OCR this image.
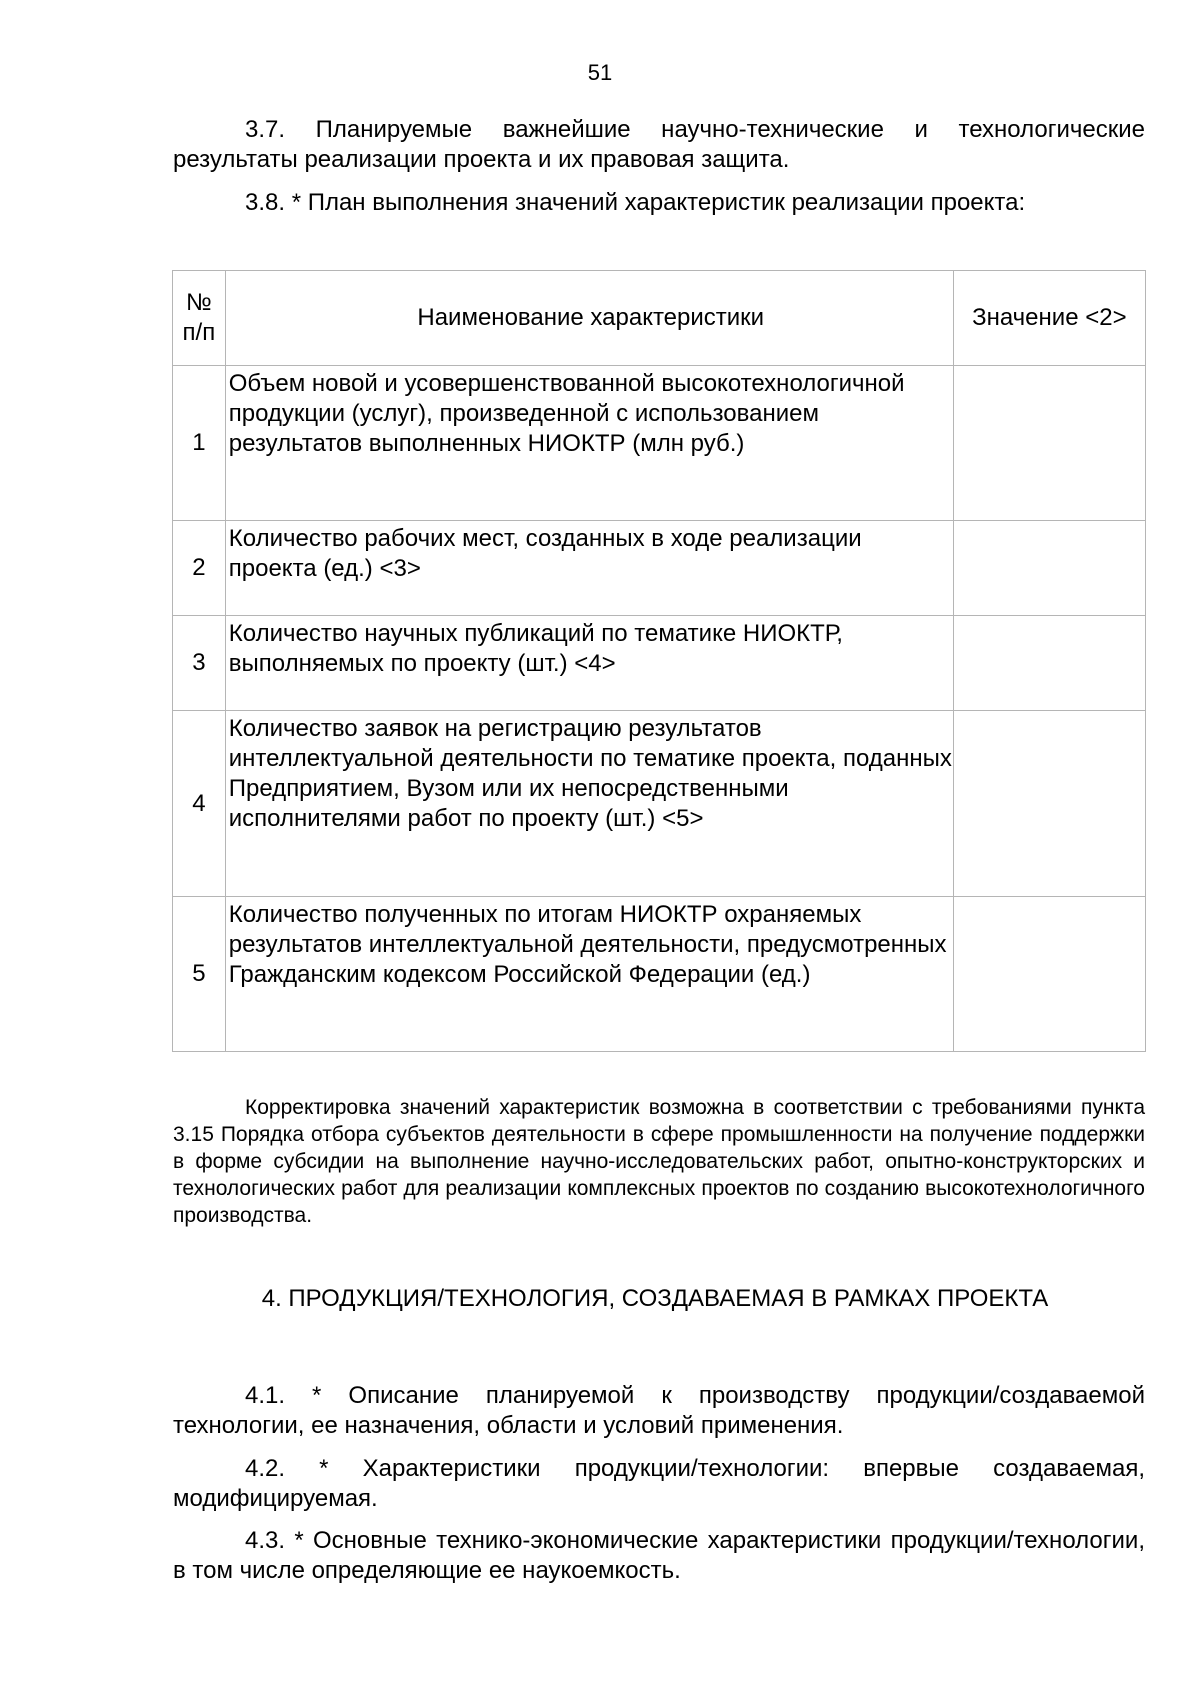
51

3.7. Планируемые важнейшие научно-технические и технологические результаты реализации проекта и их правовая защита.

3.8. * План выполнения значений характеристик реализации проекта:

№ п/п	Наименование характеристики	Значение <2>
1	Объем новой и усовершенствованной высокотехнологичной продукции (услуг), произведенной с использованием результатов выполненных НИОКТР (млн руб.)	

2	Количество рабочих мест, созданных в ходе реализации проекта (ед.) <3>	

3	Количество научных публикаций по тематике НИОКТР, выполняемых по проекту (шт.) <4>	

4	Количество заявок на регистрацию результатов интеллектуальной деятельности по тематике проекта, поданных Предприятием, Вузом или их непосредственными исполнителями работ по проекту (шт.) <5>	

5	Количество полученных по итогам НИОКТР охраняемых результатов интеллектуальной деятельности, предусмотренных Гражданским кодексом Российской Федерации (ед.)	

Корректировка значений характеристик возможна в соответствии с требованиями пункта 3.15 Порядка отбора субъектов деятельности в сфере промышленности на получение поддержки в форме субсидии на выполнение научно-исследовательских работ, опытно-конструкторских и технологических работ для реализации комплексных проектов по созданию высокотехнологичного производства.

4. ПРОДУКЦИЯ/ТЕХНОЛОГИЯ, СОЗДАВАЕМАЯ В РАМКАХ ПРОЕКТА

4.1. * Описание планируемой к производству продукции/создаваемой технологии, ее назначения, области и условий применения.

4.2. * Характеристики продукции/технологии: впервые создаваемая, модифицируемая.

4.3. * Основные технико-экономические характеристики продукции/технологии, в том числе определяющие ее наукоемкость.
